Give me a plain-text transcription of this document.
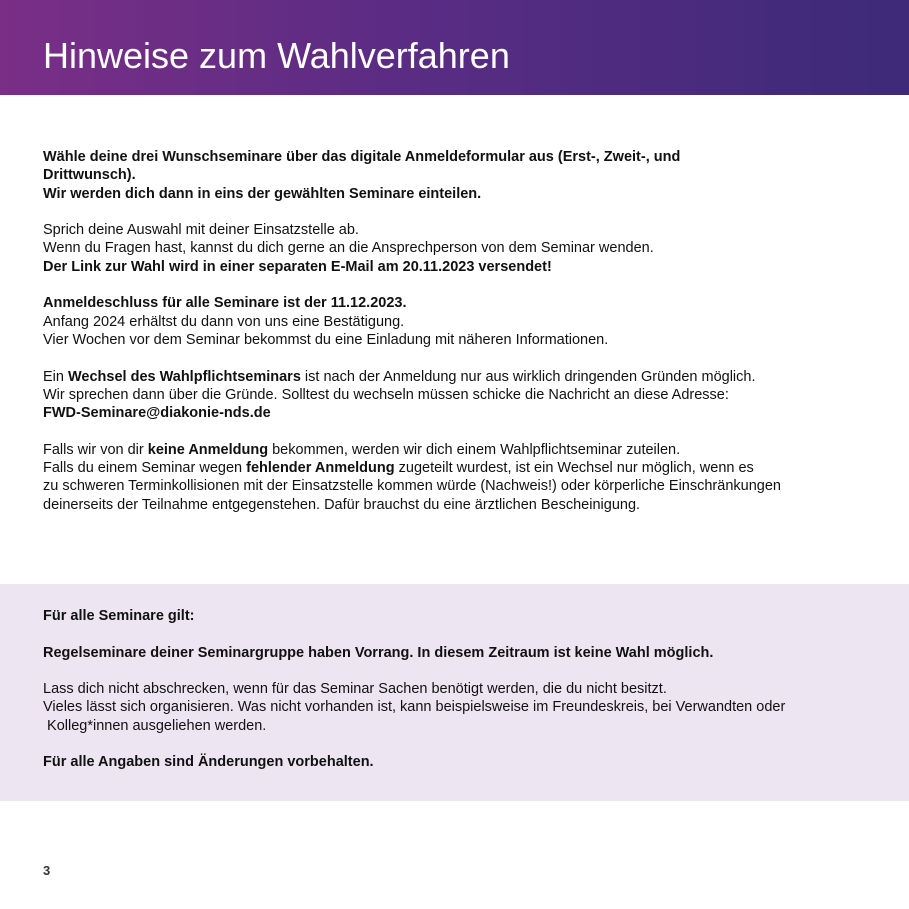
Hinweise zum Wahlverfahren

Wähle deine drei Wunschseminare über das digitale Anmeldeformular aus (Erst-, Zweit-, und
Drittwunsch).
Wir werden dich dann in eins der gewählten Seminare einteilen.

Sprich deine Auswahl mit deiner Einsatzstelle ab.
Wenn du Fragen hast, kannst du dich gerne an die Ansprechperson von dem Seminar wenden.
Der Link zur Wahl wird in einer separaten E-Mail am 20.11.2023 versendet!

Anmeldeschluss für alle Seminare ist der 11.12.2023.
Anfang 2024 erhältst du dann von uns eine Bestätigung.
Vier Wochen vor dem Seminar bekommst du eine Einladung mit näheren Informationen.

Ein Wechsel des Wahlpflichtseminars ist nach der Anmeldung nur aus wirklich dringenden Gründen möglich.
Wir sprechen dann über die Gründe. Solltest du wechseln müssen schicke die Nachricht an diese Adresse:
FWD-Seminare@diakonie-nds.de

Falls wir von dir keine Anmeldung bekommen, werden wir dich einem Wahlpflichtseminar zuteilen.
Falls du einem Seminar wegen fehlender Anmeldung zugeteilt wurdest, ist ein Wechsel nur möglich, wenn es
zu schweren Terminkollisionen mit der Einsatzstelle kommen würde (Nachweis!) oder körperliche Einschränkungen
deinerseits der Teilnahme entgegenstehen. Dafür brauchst du eine ärztlichen Bescheinigung.

Für alle Seminare gilt:

Regelseminare deiner Seminargruppe haben Vorrang. In diesem Zeitraum ist keine Wahl möglich.

Lass dich nicht abschrecken, wenn für das Seminar Sachen benötigt werden, die du nicht besitzt.
Vieles lässt sich organisieren. Was nicht vorhanden ist, kann beispielsweise im Freundeskreis, bei Verwandten oder
Kolleg*innen ausgeliehen werden.

Für alle Angaben sind Änderungen vorbehalten.

3
